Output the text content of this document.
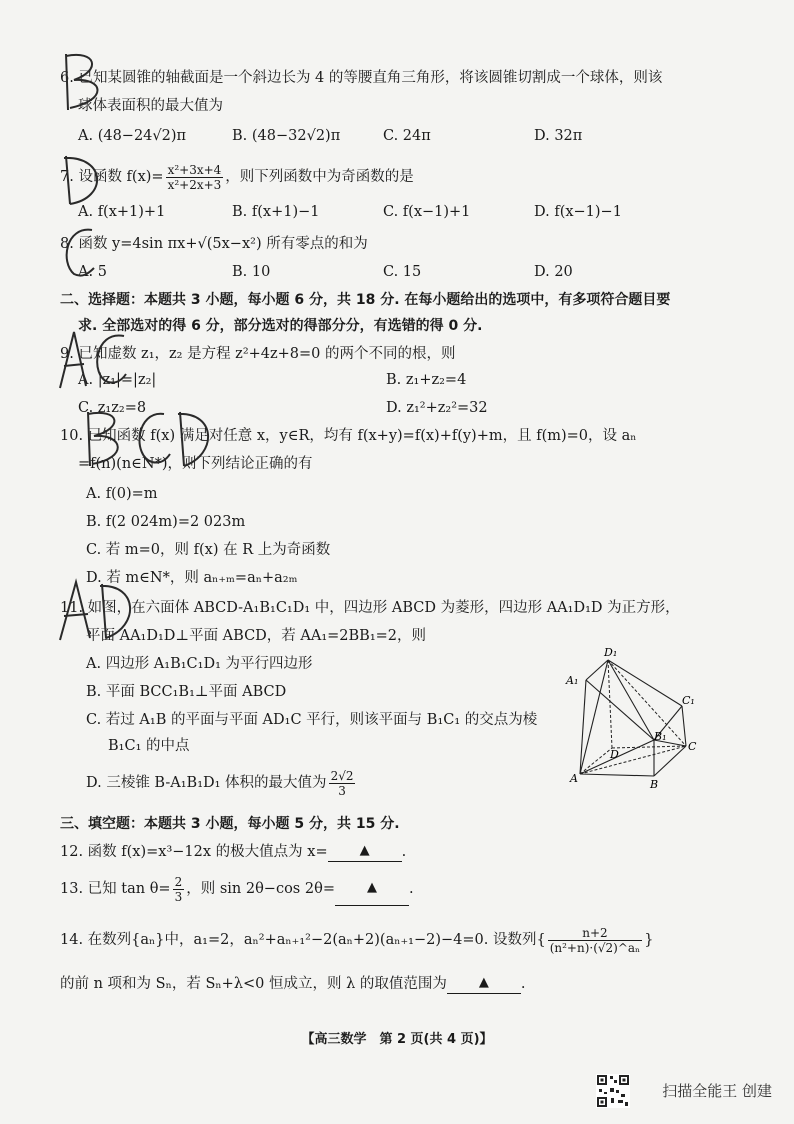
6. 已知某圆锥的轴截面是一个斜边长为 4 的等腰直角三角形，将该圆锥切割成一个球体，则该
球体表面积的最大值为
A. (48−24√2)π	B. (48−32√2)π	C. 24π	D. 32π
7. 设函数 $f(x)= \frac{\text{x²+3x+4}}{\text{x²+2x+3}}$ ，则下列函数中为奇函数的是
A. f(x+1)+1	B. f(x+1)−1	C. f(x−1)+1	D. f(x−1)−1
8. 函数 y=4sin πx+√(5x−x²) 所有零点的和为
A. 5	B. 10	C. 15	D. 20
二、选择题：本题共 3 小题，每小题 6 分，共 18 分. 在每小题给出的选项中，有多项符合题目要
求. 全部选对的得 6 分，部分选对的得部分分，有选错的得 0 分.
9. 已知虚数 z₁，z₂ 是方程 z²+4z+8=0 的两个不同的根，则
A. |z₁|=|z₂|	B. z₁+z₂=4
C. z₁z₂=8	D. z₁²+z₂²=32
10. 已知函数 f(x) 满足对任意 x，y∈R，均有 f(x+y)=f(x)+f(y)+m，且 f(m)=0，设 aₙ
=f(n)(n∈N*)，则下列结论正确的有
A. f(0)=m
B. f(2 024m)=2 023m
C. 若 m=0，则 f(x) 在 R 上为奇函数
D. 若 m∈N*，则 aₙ₊ₘ=aₙ+a₂ₘ
11. 如图，在六面体 ABCD-A₁B₁C₁D₁ 中，四边形 ABCD 为菱形，四边形 AA₁D₁D 为正方形，
平面 AA₁D₁D⊥平面 ABCD，若 AA₁=2BB₁=2，则
A. 四边形 A₁B₁C₁D₁ 为平行四边形
B. 平面 BCC₁B₁⊥平面 ABCD
C. 若过 A₁B 的平面与平面 AD₁C 平行，则该平面与 B₁C₁ 的交点为棱
B₁C₁ 的中点
D. 三棱锥 B-A₁B₁D₁ 体积的最大值为 $\frac{2√2}{3}$
D₁
A₁
C₁
B₁
D
C
A	B
三、填空题：本题共 3 小题，每小题 5 分，共 15 分.
12. 函数 f(x)=x³−12x 的极大值点为 x= ▲ .
13. 已知 $\tan \theta= \frac{2}{3}$ ，则 sin 2θ−cos 2θ= ▲ .
14. 在数列{aₙ}中，a₁=2，aₙ²+aₙ₊₁²−2(aₙ+2)(aₙ₊₁−2)−4=0. 设数列{ $\frac{n+2}{\text{(n²+n)·(√2)\textasciicircum{}aₙ}}$ }
的前 n 项和为 Sₙ，若 Sₙ+λ<0 恒成立，则 λ 的取值范围为 ▲ .
【高三数学　第 2 页(共 4 页)】
扫描全能王 创建
